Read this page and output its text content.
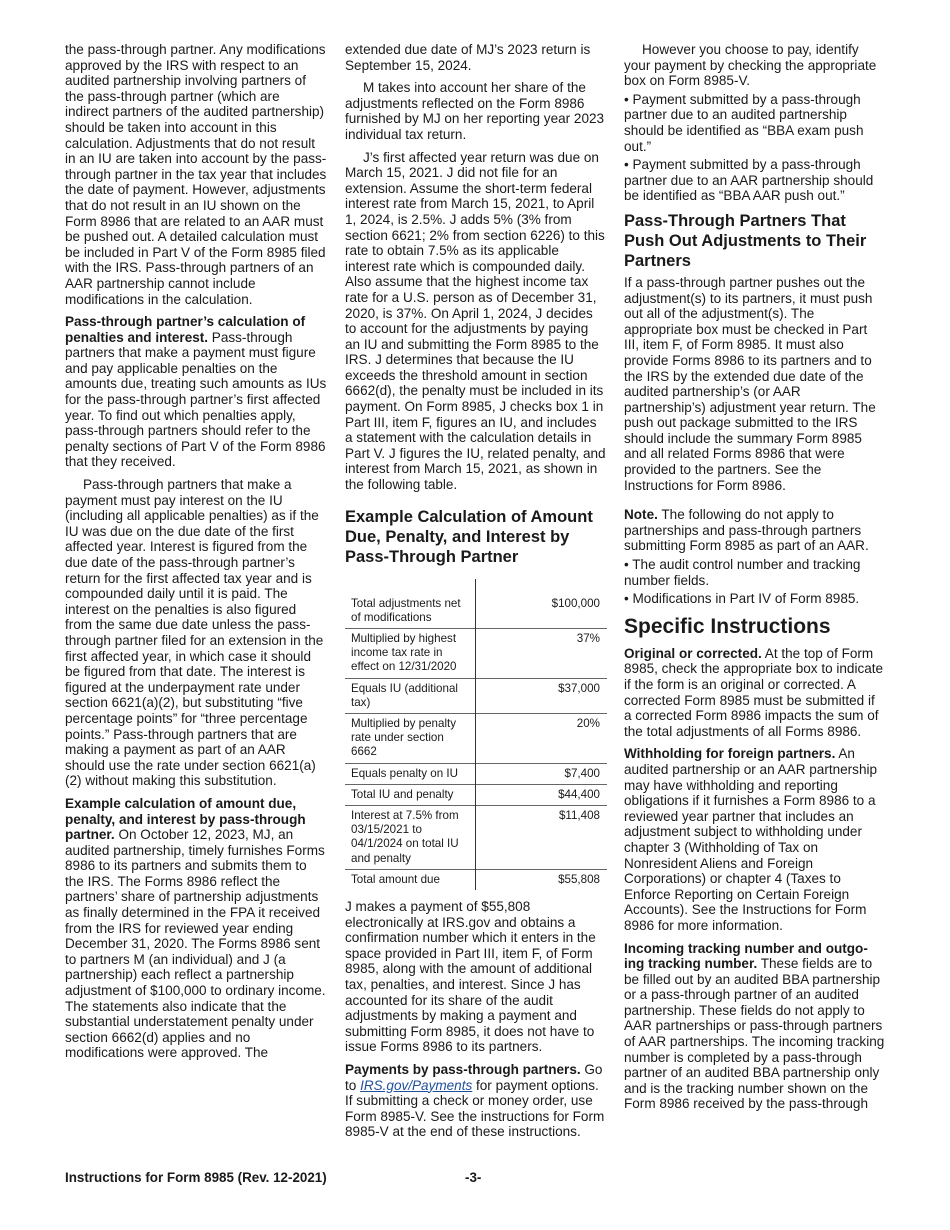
the pass-through partner. Any modifications approved by the IRS with respect to an audited partnership involving partners of the pass-through partner (which are indirect partners of the audited partnership) should be taken into account in this calculation. Adjustments that do not result in an IU are taken into account by the pass-through partner in the tax year that includes the date of payment. However, adjustments that do not result in an IU shown on the Form 8986 that are related to an AAR must be pushed out. A detailed calculation must be included in Part V of the Form 8985 filed with the IRS. Pass-through partners of an AAR partnership cannot include modifications in the calculation.

Pass-through partner’s calculation of penalties and interest. Pass-through partners that make a payment must figure and pay applicable penalties on the amounts due, treating such amounts as IUs for the pass-through partner’s first affected year. To find out which penalties apply, pass-through partners should refer to the penalty sections of Part V of the Form 8986 that they received.

Pass-through partners that make a payment must pay interest on the IU (including all applicable penalties) as if the IU was due on the due date of the first affected year. Interest is figured from the due date of the pass-through partner’s return for the first affected tax year and is compounded daily until it is paid. The interest on the penalties is also figured from the same due date unless the pass-through partner filed for an extension in the first affected year, in which case it should be figured from that date. The interest is figured at the underpayment rate under section 6621(a)(2), but substituting “five percentage points” for “three percentage points.” Pass-through partners that are making a payment as part of an AAR should use the rate under section 6621(a)(2) without making this substitution.

Example calculation of amount due, penalty, and interest by pass-through partner. On October 12, 2023, MJ, an audited partnership, timely furnishes Forms 8986 to its partners and submits them to the IRS. The Forms 8986 reflect the partners’ share of partnership adjustments as finally determined in the FPA it received from the IRS for reviewed year ending December 31, 2020. The Forms 8986 sent to partners M (an individual) and J (a partnership) each reflect a partnership adjustment of $100,000 to ordinary income. The statements also indicate that the substantial understatement penalty under section 6662(d) applies and no modifications were approved. The

extended due date of MJ’s 2023 return is September 15, 2024.

M takes into account her share of the adjustments reflected on the Form 8986 furnished by MJ on her reporting year 2023 individual tax return.

J’s first affected year return was due on March 15, 2021. J did not file for an extension. Assume the short-term federal interest rate from March 15, 2021, to April 1, 2024, is 2.5%. J adds 5% (3% from section 6621; 2% from section 6226) to this rate to obtain 7.5% as its applicable interest rate which is compounded daily. Also assume that the highest income tax rate for a U.S. person as of December 31, 2020, is 37%. On April 1, 2024, J decides to account for the adjustments by paying an IU and submitting the Form 8985 to the IRS. J determines that because the IU exceeds the threshold amount in section 6662(d), the penalty must be included in its payment. On Form 8985, J checks box 1 in Part III, item F, figures an IU, and includes a statement with the calculation details in Part V. J figures the IU, related penalty, and interest from March 15, 2021, as shown in the following table.

Example Calculation of Amount Due, Penalty, and Interest by Pass-Through Partner
Total adjustments net of modifications	$100,000
Multiplied by highest income tax rate in effect on 12/31/2020	37%
Equals IU (additional tax)	$37,000
Multiplied by penalty rate under section 6662	20%
Equals penalty on IU	$7,400
Total IU and penalty	$44,400
Interest at 7.5% from 03/15/2021 to 04/1/2024 on total IU and penalty	$11,408
Total amount due	$55,808

J makes a payment of $55,808 electronically at IRS.gov and obtains a confirmation number which it enters in the space provided in Part III, item F, of Form 8985, along with the amount of additional tax, penalties, and interest. Since J has accounted for its share of the audit adjustments by making a payment and submitting Form 8985, it does not have to issue Forms 8986 to its partners.

Payments by pass-through partners. Go to IRS.gov/Payments for payment options. If submitting a check or money order, use Form 8985-V. See the instructions for Form 8985-V at the end of these instructions.

However you choose to pay, identify your payment by checking the appropriate box on Form 8985-V.

• Payment submitted by a pass-through partner due to an audited partnership should be identified as “BBA exam push out.”

• Payment submitted by a pass-through partner due to an AAR partnership should be identified as “BBA AAR push out.”

Pass-Through Partners That Push Out Adjustments to Their Partners

If a pass-through partner pushes out the adjustment(s) to its partners, it must push out all of the adjustment(s). The appropriate box must be checked in Part III, item F, of Form 8985. It must also provide Forms 8986 to its partners and to the IRS by the extended due date of the audited partnership’s (or AAR partnership’s) adjustment year return. The push out package submitted to the IRS should include the summary Form 8985 and all related Forms 8986 that were provided to the partners. See the Instructions for Form 8986.

Note. The following do not apply to partnerships and pass-through partners submitting Form 8985 as part of an AAR.

• The audit control number and tracking number fields.

• Modifications in Part IV of Form 8985.

Specific Instructions

Original or corrected. At the top of Form 8985, check the appropriate box to indicate if the form is an original or corrected. A corrected Form 8985 must be submitted if a corrected Form 8986 impacts the sum of the total adjustments of all Forms 8986.

Withholding for foreign partners. An audited partnership or an AAR partnership may have withholding and reporting obligations if it furnishes a Form 8986 to a reviewed year partner that includes an adjustment subject to withholding under chapter 3 (Withholding of Tax on Nonresident Aliens and Foreign Corporations) or chapter 4 (Taxes to Enforce Reporting on Certain Foreign Accounts). See the Instructions for Form 8986 for more information.

Incoming tracking number and outgo-ing tracking number. These fields are to be filled out by an audited BBA partnership or a pass-through partner of an audited partnership. These fields do not apply to AAR partnerships or pass-through partners of AAR partnerships. The incoming tracking number is completed by a pass-through partner of an audited BBA partnership only and is the tracking number shown on the Form 8986 received by the pass-through

Instructions for Form 8985 (Rev. 12-2021)	-3-
